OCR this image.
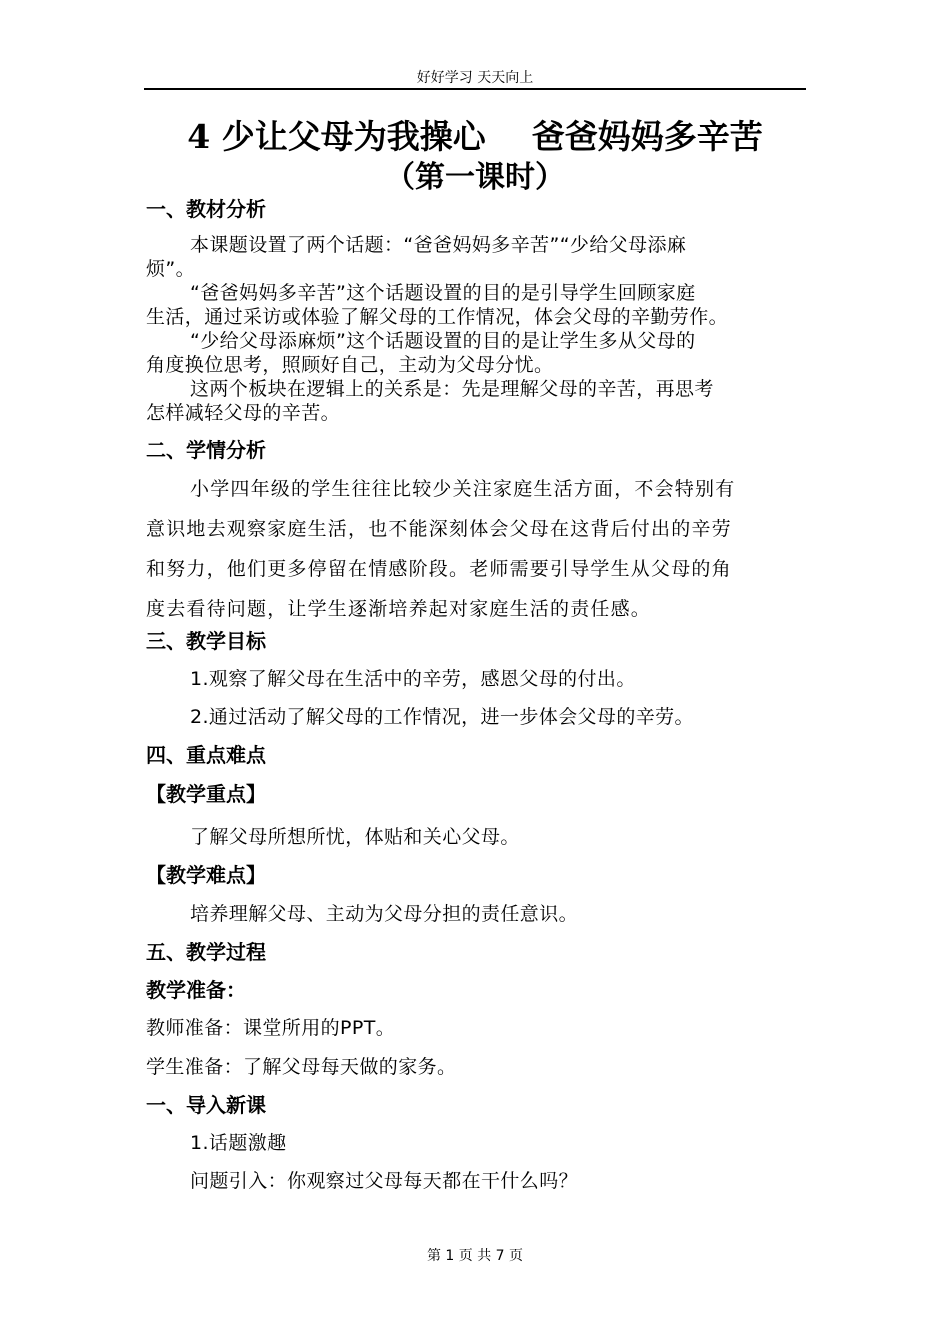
好好学习 天天向上
4 少让父母为我操心    爸爸妈妈多辛苦
（第一课时）
一、教材分析
本课题设置了两个话题：“爸爸妈妈多辛苦”“少给父母添麻
烦”。
“爸爸妈妈多辛苦”这个话题设置的目的是引导学生回顾家庭
生活，通过采访或体验了解父母的工作情况，体会父母的辛勤劳作。
“少给父母添麻烦”这个话题设置的目的是让学生多从父母的
角度换位思考，照顾好自己，主动为父母分忧。
这两个板块在逻辑上的关系是：先是理解父母的辛苦，再思考
怎样减轻父母的辛苦。
二、学情分析
小学四年级的学生往往比较少关注家庭生活方面，不会特别有
意识地去观察家庭生活，也不能深刻体会父母在这背后付出的辛劳
和努力，他们更多停留在情感阶段。老师需要引导学生从父母的角
度去看待问题，让学生逐渐培养起对家庭生活的责任感。
三、教学目标
1.观察了解父母在生活中的辛劳，感恩父母的付出。
2.通过活动了解父母的工作情况，进一步体会父母的辛劳。
四、重点难点
【教学重点】
了解父母所想所忧，体贴和关心父母。
【教学难点】
培养理解父母、主动为父母分担的责任意识。
五、教学过程
教学准备：
教师准备：课堂所用的PPT。
学生准备：了解父母每天做的家务。
一、导入新课
1.话题激趣
问题引入：你观察过父母每天都在干什么吗？
第 1 页 共 7 页
